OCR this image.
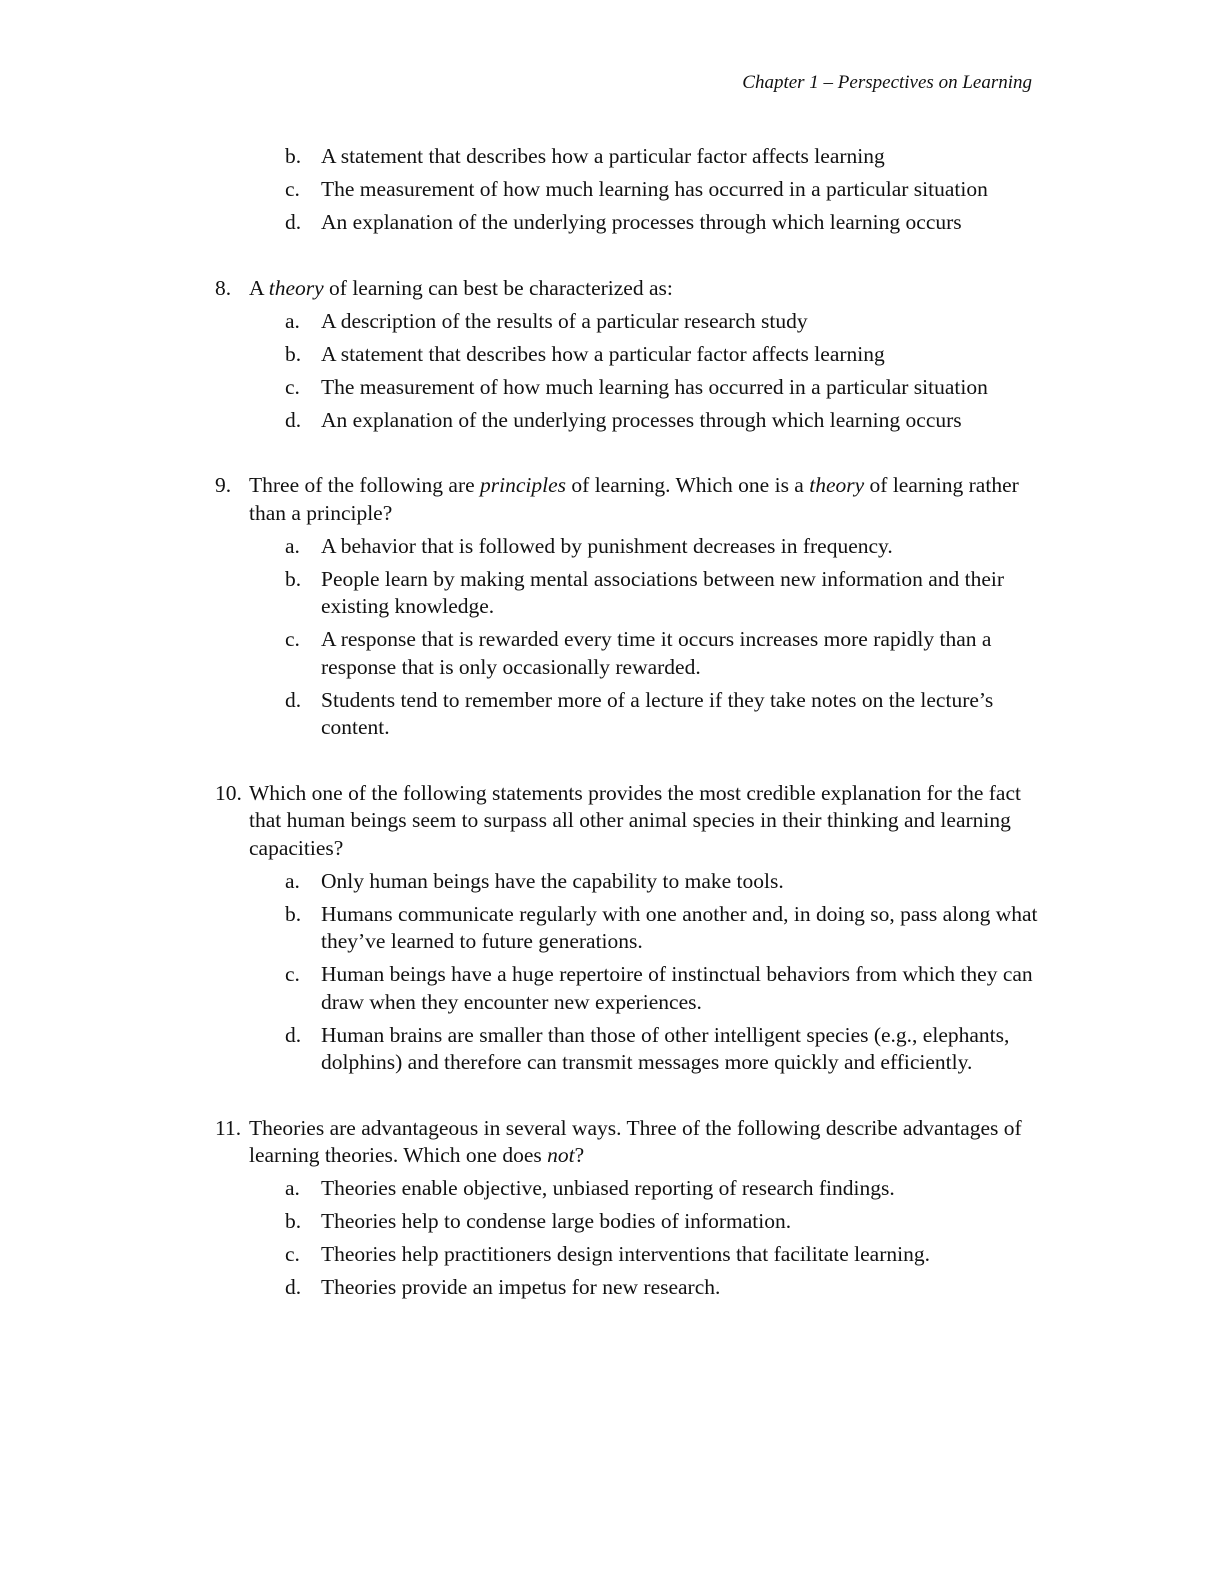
Chapter 1 – Perspectives on Learning
b. A statement that describes how a particular factor affects learning
c. The measurement of how much learning has occurred in a particular situation
d. An explanation of the underlying processes through which learning occurs
8. A theory of learning can best be characterized as:
a. A description of the results of a particular research study
b. A statement that describes how a particular factor affects learning
c. The measurement of how much learning has occurred in a particular situation
d. An explanation of the underlying processes through which learning occurs
9. Three of the following are principles of learning. Which one is a theory of learning rather than a principle?
a. A behavior that is followed by punishment decreases in frequency.
b. People learn by making mental associations between new information and their existing knowledge.
c. A response that is rewarded every time it occurs increases more rapidly than a response that is only occasionally rewarded.
d. Students tend to remember more of a lecture if they take notes on the lecture’s content.
10. Which one of the following statements provides the most credible explanation for the fact that human beings seem to surpass all other animal species in their thinking and learning capacities?
a. Only human beings have the capability to make tools.
b. Humans communicate regularly with one another and, in doing so, pass along what they’ve learned to future generations.
c. Human beings have a huge repertoire of instinctual behaviors from which they can draw when they encounter new experiences.
d. Human brains are smaller than those of other intelligent species (e.g., elephants, dolphins) and therefore can transmit messages more quickly and efficiently.
11. Theories are advantageous in several ways. Three of the following describe advantages of learning theories. Which one does not?
a. Theories enable objective, unbiased reporting of research findings.
b. Theories help to condense large bodies of information.
c. Theories help practitioners design interventions that facilitate learning.
d. Theories provide an impetus for new research.
